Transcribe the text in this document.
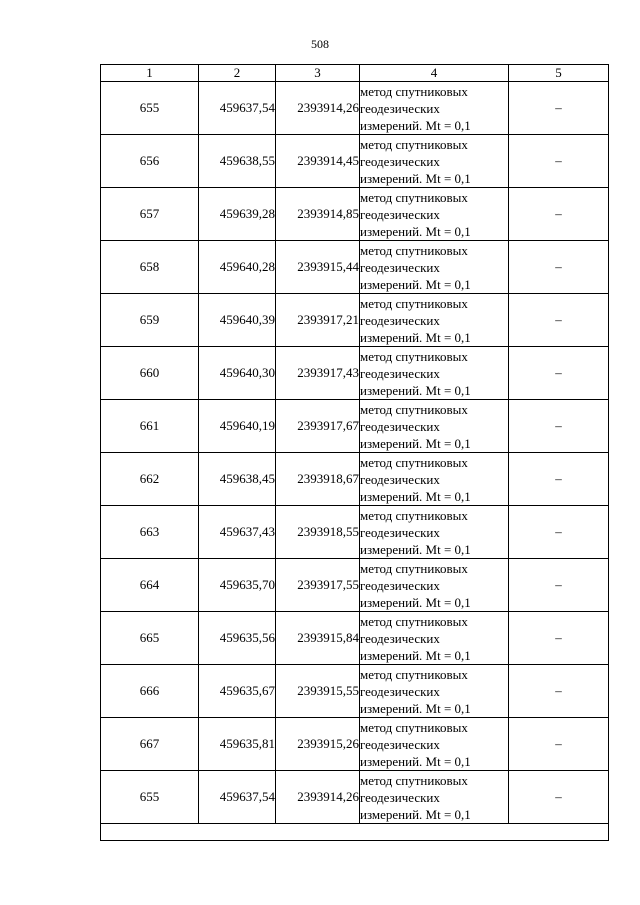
508
1	2	3	4	5
655	459637,54	2393914,26	метод спутниковых
геодезических
измерений. Mt = 0,1	–
656	459638,55	2393914,45	метод спутниковых
геодезических
измерений. Mt = 0,1	–
657	459639,28	2393914,85	метод спутниковых
геодезических
измерений. Mt = 0,1	–
658	459640,28	2393915,44	метод спутниковых
геодезических
измерений. Mt = 0,1	–
659	459640,39	2393917,21	метод спутниковых
геодезических
измерений. Mt = 0,1	–
660	459640,30	2393917,43	метод спутниковых
геодезических
измерений. Mt = 0,1	–
661	459640,19	2393917,67	метод спутниковых
геодезических
измерений. Mt = 0,1	–
662	459638,45	2393918,67	метод спутниковых
геодезических
измерений. Mt = 0,1	–
663	459637,43	2393918,55	метод спутниковых
геодезических
измерений. Mt = 0,1	–
664	459635,70	2393917,55	метод спутниковых
геодезических
измерений. Mt = 0,1	–
665	459635,56	2393915,84	метод спутниковых
геодезических
измерений. Mt = 0,1	–
666	459635,67	2393915,55	метод спутниковых
геодезических
измерений. Mt = 0,1	–
667	459635,81	2393915,26	метод спутниковых
геодезических
измерений. Mt = 0,1	–
655	459637,54	2393914,26	метод спутниковых
геодезических
измерений. Mt = 0,1	–
